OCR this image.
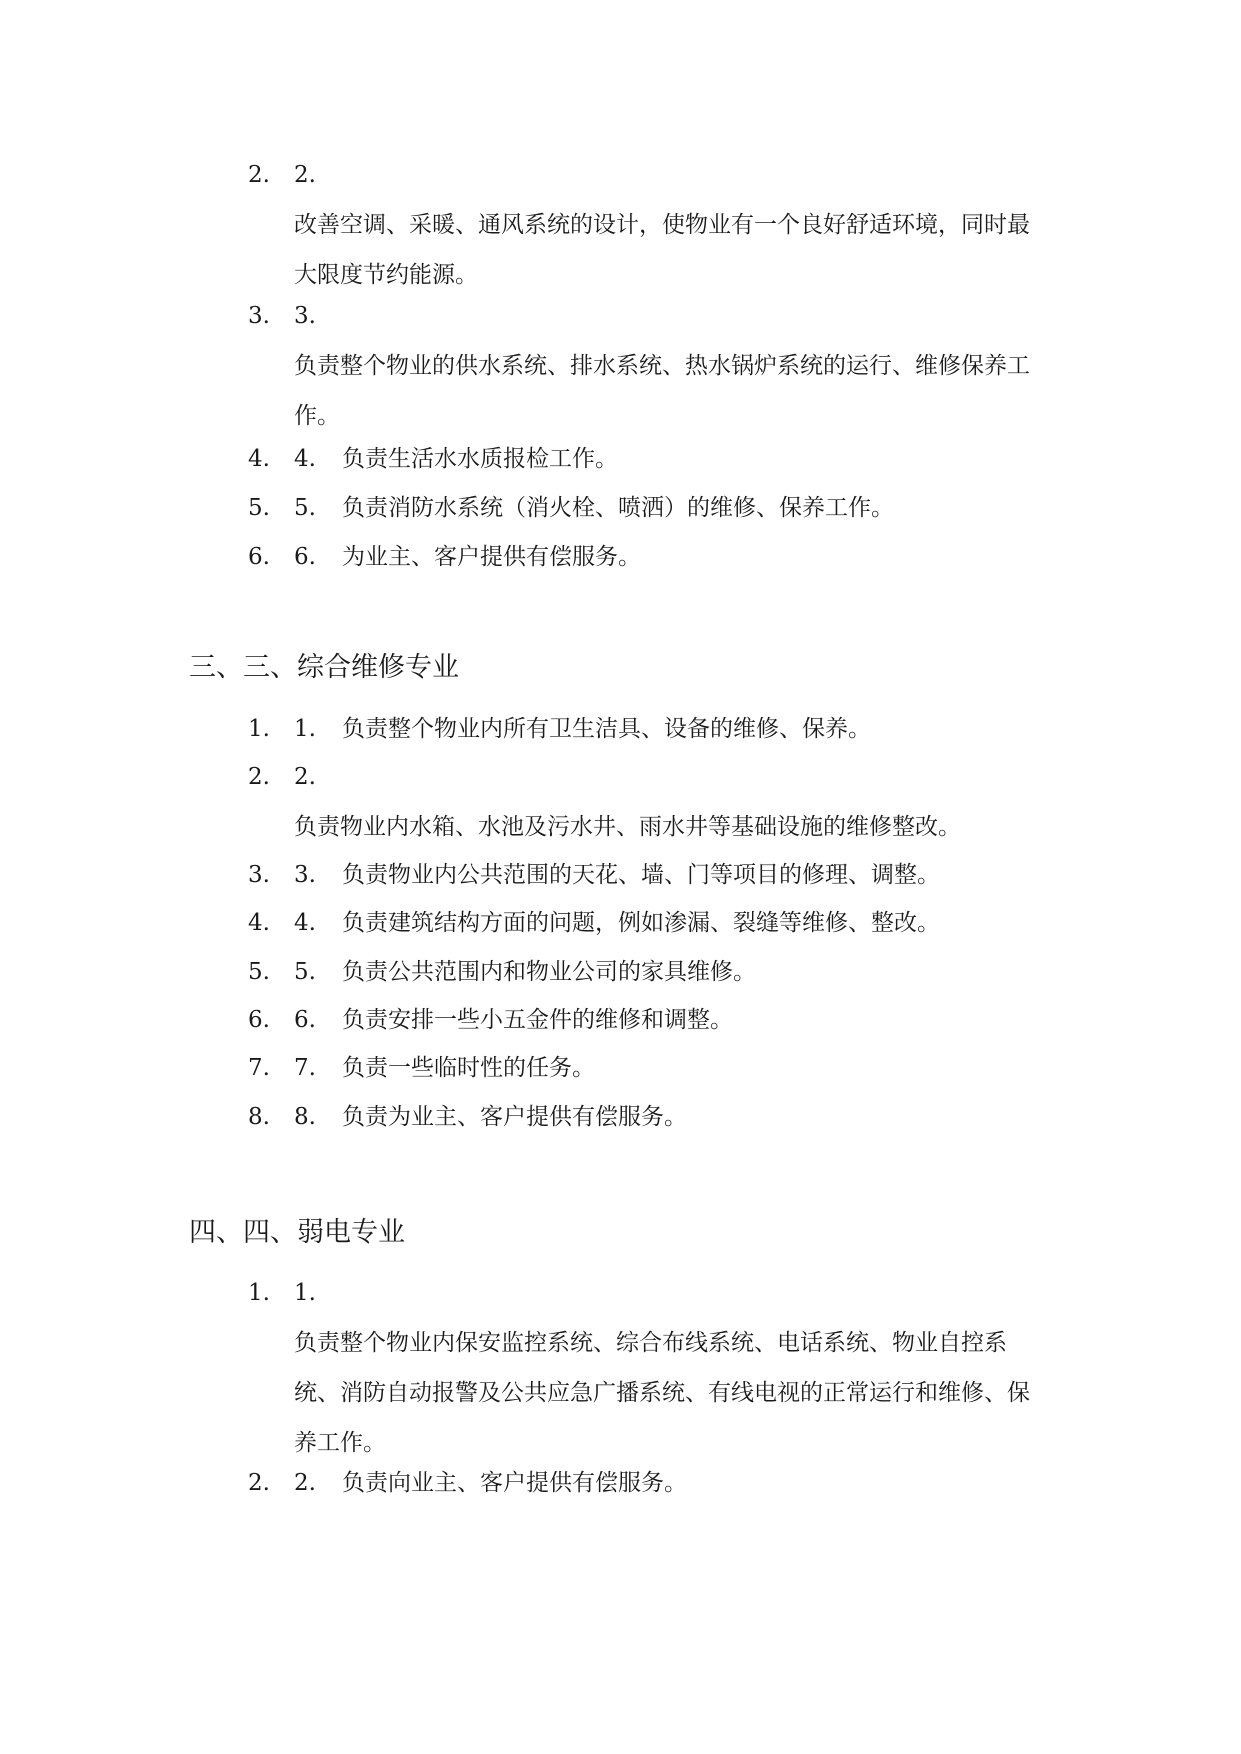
2.	2.
改善空调、采暖、通风系统的设计，使物业有一个良好舒适环境，同时最大限度节约能源。
3.	3.
负责整个物业的供水系统、排水系统、热水锅炉系统的运行、维修保养工作。
4.	4. 负责生活水水质报检工作。
5.	5. 负责消防水系统（消火栓、喷洒）的维修、保养工作。
6.	6. 为业主、客户提供有偿服务。
三、三、综合维修专业
1.	1. 负责整个物业内所有卫生洁具、设备的维修、保养。
2.	2.
负责物业内水箱、水池及污水井、雨水井等基础设施的维修整改。
3.	3. 负责物业内公共范围的天花、墙、门等项目的修理、调整。
4.	4. 负责建筑结构方面的问题，例如渗漏、裂缝等维修、整改。
5.	5. 负责公共范围内和物业公司的家具维修。
6.	6. 负责安排一些小五金件的维修和调整。
7.	7. 负责一些临时性的任务。
8.	8. 负责为业主、客户提供有偿服务。
四、四、弱电专业
1.	1.
负责整个物业内保安监控系统、综合布线系统、电话系统、物业自控系统、消防自动报警及公共应急广播系统、有线电视的正常运行和维修、保养工作。
2.	2. 负责向业主、客户提供有偿服务。
